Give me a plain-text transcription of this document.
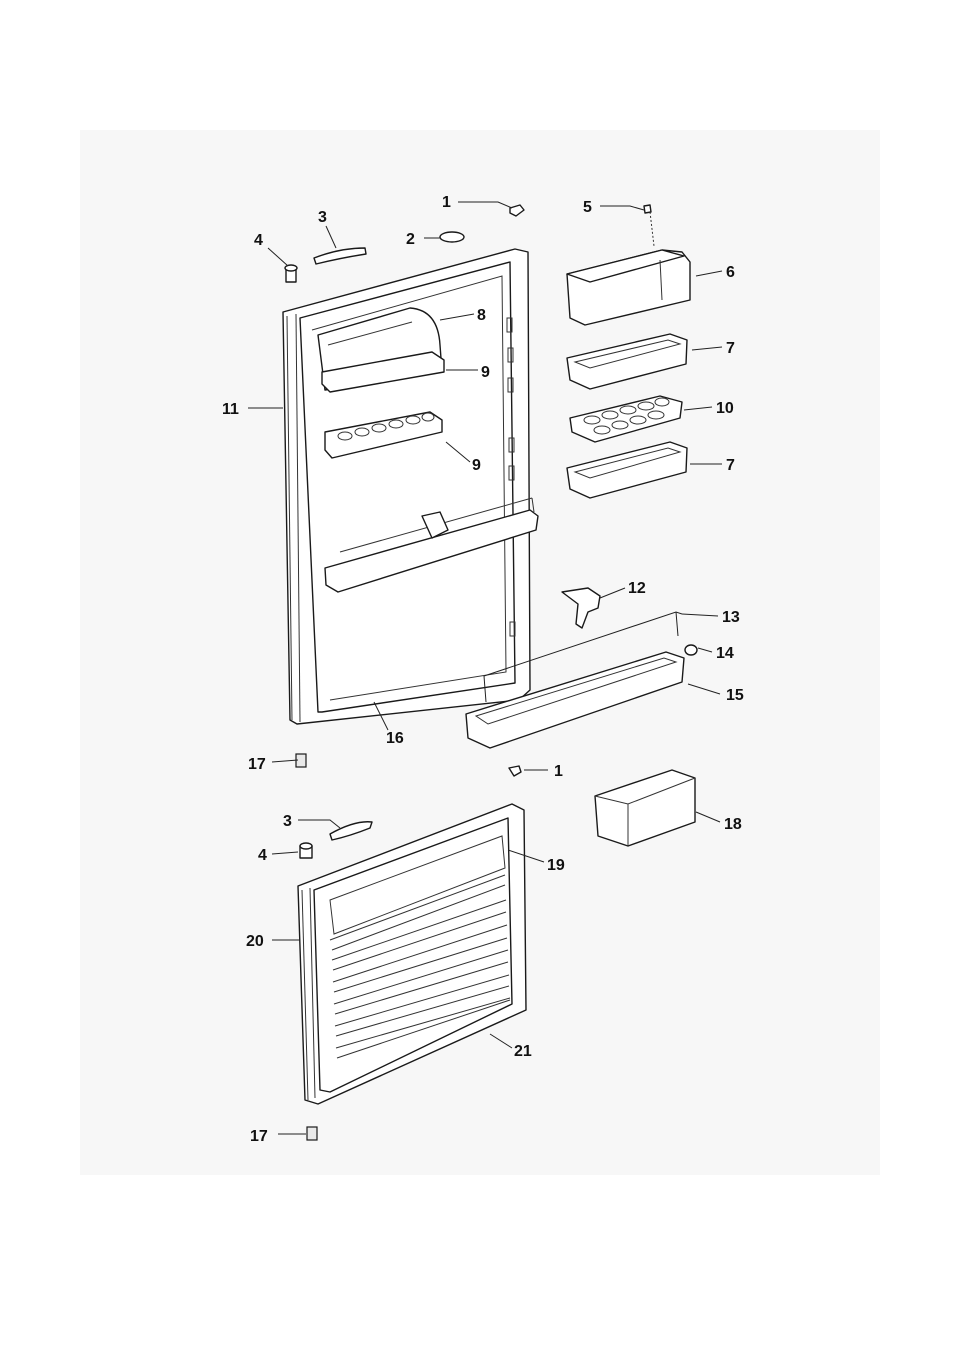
1
2
3
4
5
6
7
8
9
9
10
7
11
12
13
14
15
16
17	1
18
3
4
19
20
21
17
